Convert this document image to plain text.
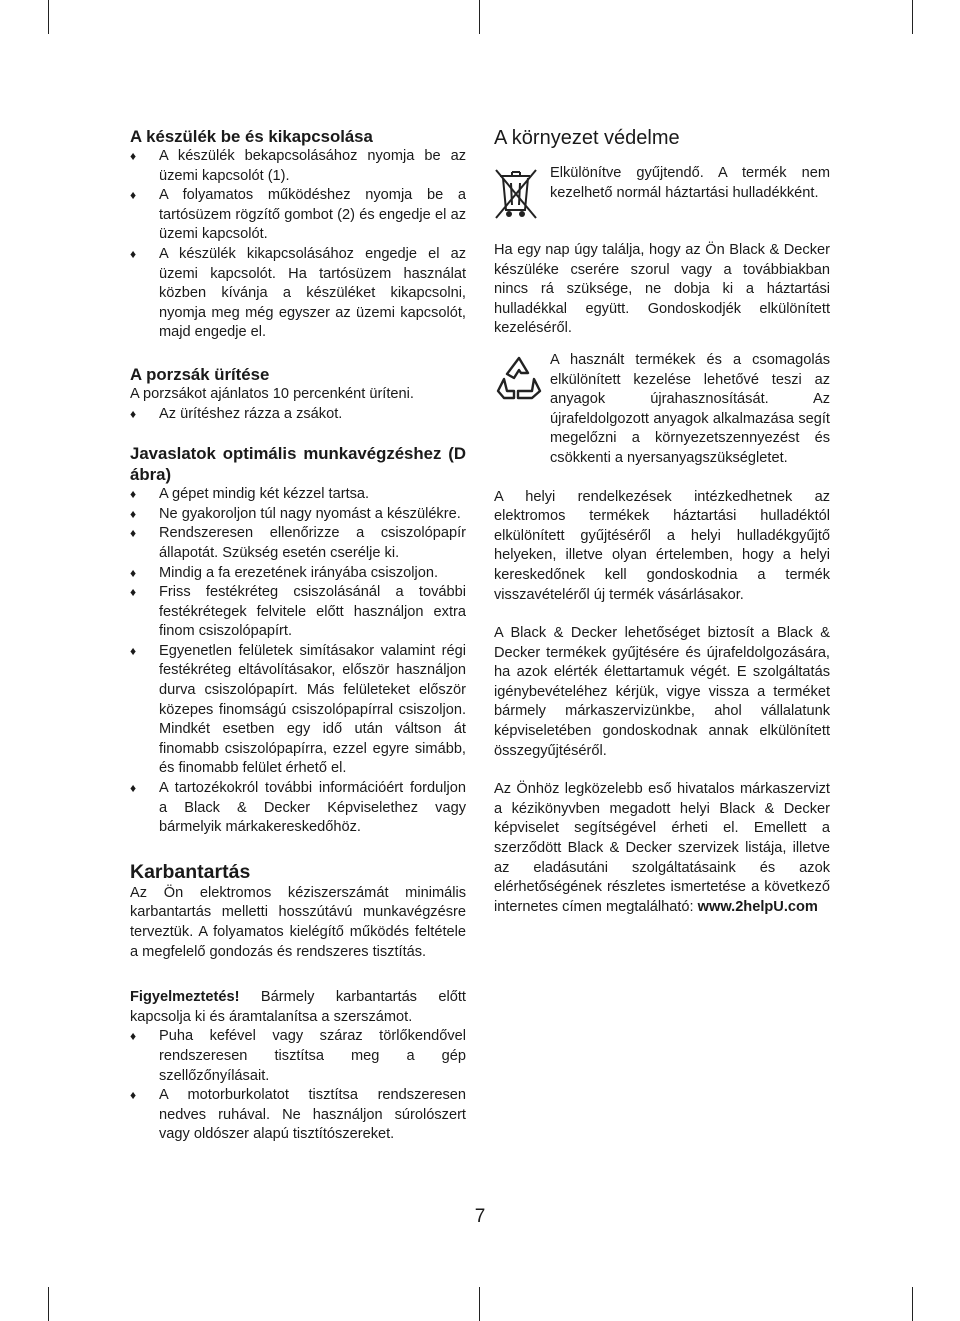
A készülék be és kikapcsolása
♦ A készülék bekapcsolásához nyomja be az üzemi kapcsolót (1).
♦ A folyamatos működéshez nyomja be a tartósüzem rögzítő gombot (2) és engedje el az üzemi kapcsolót.
♦ A készülék kikapcsolásához engedje el az üzemi kapcsolót. Ha tartósüzem használat közben kívánja a készüléket kikapcsolni, nyomja meg még egyszer az üzemi kapcsolót, majd engedje el.
A porzsák ürítése

A porzsákot ajánlatos 10 percenként üríteni.

♦ Az ürítéshez rázza a zsákot.
Javaslatok optimális munkavégzéshez (D ábra)
♦ A gépet mindig két kézzel tartsa.
♦ Ne gyakoroljon túl nagy nyomást a készülékre.
♦ Rendszeresen ellenőrizze a csiszolópapír állapotát. Szükség esetén cserélje ki.
♦ Mindig a fa erezetének irányába csiszoljon.
♦ Friss festékréteg csiszolásánál a további festékrétegek felvitele előtt használjon extra finom csiszolópapírt.
♦ Egyenetlen felületek simításakor valamint régi festékréteg eltávolításakor, először használjon durva csiszolópapírt. Más felületeket először közepes finomságú csiszolópapírral csiszoljon. Mindkét esetben egy idő után váltson át finomabb csiszolópapírra, ezzel egyre simább, és finomabb felület érhető el.
♦ A tartozékokról további információért forduljon a Black & Decker Képviselethez vagy bármelyik márkakereskedőhöz.
Karbantartás

Az Ön elektromos kéziszerszámát minimális karbantartás melletti hosszútávú munkavégzésre terveztük. A folyamatos kielégítő működés feltétele a megfelelő gondozás és rendszeres tisztítás.

Figyelmeztetés! Bármely karbantartás előtt kapcsolja ki és áramtalanítsa a szerszámot.

♦ Puha kefével vagy száraz törlőkendővel rendszeresen tisztítsa meg a gép szellőzőnyílásait.
♦ A motorburkolatot tisztítsa rendszeresen nedves ruhával. Ne használjon súrolószert vagy oldószer alapú tisztítószereket.
A környezet védelme

Elkülönítve gyűjtendő. A termék nem kezelhető normál háztartási hulladékként.

Ha egy nap úgy találja, hogy az Ön Black & Decker készüléke cserére szorul vagy a továbbiakban nincs rá szüksége, ne dobja ki a háztartási hulladékkal együtt. Gondoskodjék elkülönített kezeléséről.

A használt termékek és a csomagolás elkülönített kezelése lehetővé teszi az anyagok újrahasznosítását. Az újrafeldolgozott anyagok alkalmazása segít megelőzni a környezetszennyezést és csökkenti a nyersanyagszükségletet.

A helyi rendelkezések intézkedhetnek az elektromos termékek háztartási hulladéktól elkülönített gyűjtéséről a helyi hulladékgyűjtő helyeken, illetve olyan értelemben, hogy a helyi kereskedőnek kell gondoskodnia a termék visszavételéről új termék vásárlásakor.

A Black & Decker lehetőséget biztosít a Black & Decker termékek gyűjtésére és újrafeldolgozására, ha azok elérték élettartamuk végét. E szolgáltatás igénybevételéhez kérjük, vigye vissza a terméket bármely márkaszervizünkbe, ahol vállalatunk képviseletében gondoskodnak annak elkülönített összegyűjtéséről.

Az Önhöz legközelebb eső hivatalos márkaszervizt a kézikönyvben megadott helyi Black & Decker képviselet segítségével érheti el. Emellett a szerződött Black & Decker szervizek listája, illetve az eladásutáni szolgáltatásaink és azok elérhetőségének részletes ismertetése a következő internetes címen megtalálható: www.2helpU.com

7
